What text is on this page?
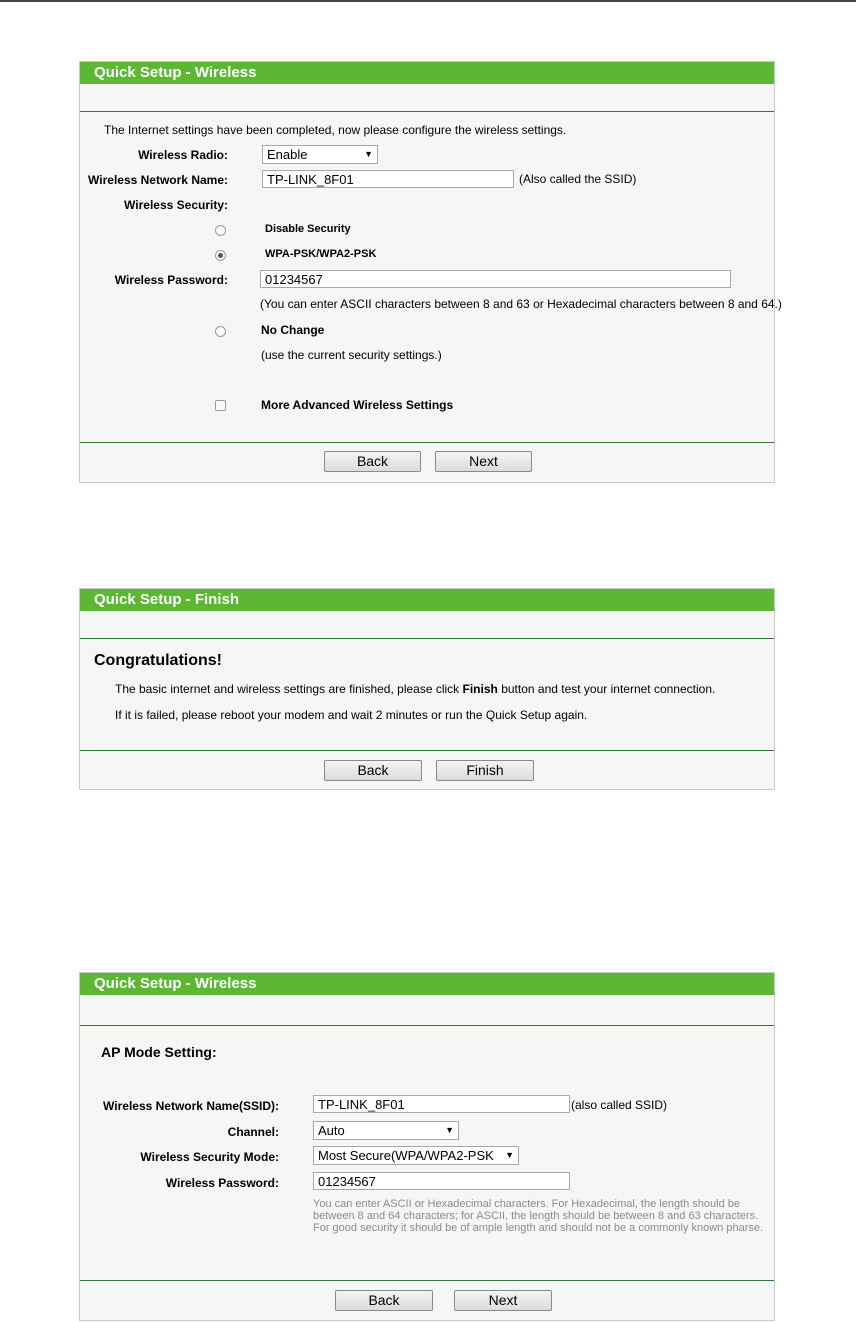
Quick Setup - Wireless
The Internet settings have been completed, now please configure the wireless settings.
Wireless Radio:	Enable	▼
Wireless Network Name:
TP-LINK_8F01	(Also called the SSID)
Wireless Security:
Disable Security
WPA-PSK/WPA2-PSK
Wireless Password:
01234567
(You can enter ASCII characters between 8 and 63 or Hexadecimal characters between 8 and 64.)
No Change
(use the current security settings.)
More Advanced Wireless Settings
Back	Next
Quick Setup - Finish
Congratulations!
The basic internet and wireless settings are finished, please click Finish button and test your internet connection.
If it is failed, please reboot your modem and wait 2 minutes or run the Quick Setup again.
Back	Finish
Quick Setup - Wireless
AP Mode Setting:
Wireless Network Name(SSID):
TP-LINK_8F01	(also called SSID)
Channel:	Auto	▼
Wireless Security Mode:	Most Secure(WPA/WPA2-PSK ▼
Wireless Password:
01234567
You can enter ASCII or Hexadecimal characters. For Hexadecimal, the length should be between 8 and 64 characters; for ASCII, the length should be between 8 and 63 characters. For good security it should be of ample length and should not be a commonly known pharse.
Back	Next
